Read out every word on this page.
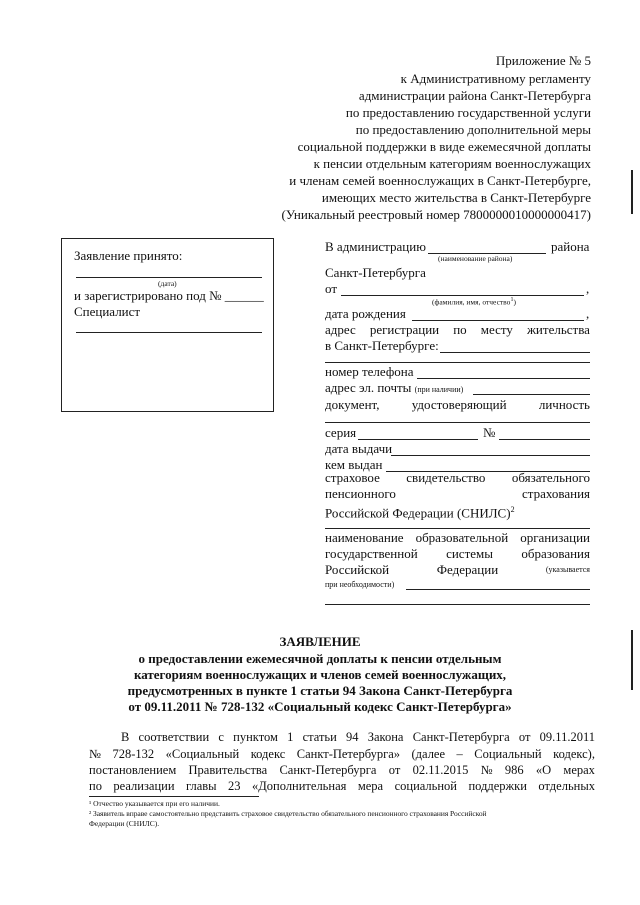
Приложение № 5
к Административному регламенту
администрации района Санкт-Петербурга
по предоставлению государственной услуги
по предоставлению дополнительной меры
социальной поддержки в виде ежемесячной доплаты
к пенсии отдельным категориям военнослужащих
и членам семей военнослужащих в Санкт-Петербурге,
имеющих место жительства в Санкт-Петербурге
(Уникальный реестровый номер 7800000010000000417)
Заявление принято:
(дата)
и зарегистрировано под № ______
Специалист
В администрацию	района
(наименование района)
Санкт-Петербурга
от	,
(фамилия, имя, отчество$^1$)
дата рождения	,
адрес регистрации по месту жительства
в Санкт-Петербурге:
номер телефона
адрес эл. почты (при наличии)
документ, удостоверяющий личность
серия	№
дата выдачи
кем выдан
страховое свидетельство обязательного
пенсионного	страхования
Российской Федерации (СНИЛС)$^2$
наименование образовательной организации
государственной системы образования
Российской	Федерации	(указывается
при необходимости)
ЗАЯВЛЕНИЕ
о предоставлении ежемесячной доплаты к пенсии отдельным
категориям военнослужащих и членов семей военнослужащих,
предусмотренных в пункте 1 статьи 94 Закона Санкт-Петербурга
от 09.11.2011 № 728-132 «Социальный кодекс Санкт-Петербурга»
В соответствии с пунктом 1 статьи 94 Закона Санкт-Петербурга от 09.11.2011
№ 728-132 «Социальный кодекс Санкт-Петербурга» (далее – Социальный кодекс),
постановлением Правительства Санкт-Петербурга от 02.11.2015 № 986 «О мерах
по реализации главы 23 «Дополнительная мера социальной поддержки отдельных
¹ Отчество указывается при его наличии.
² Заявитель вправе самостоятельно представить страховое свидетельство обязательного пенсионного страхования Российской
Федерации (СНИЛС).
